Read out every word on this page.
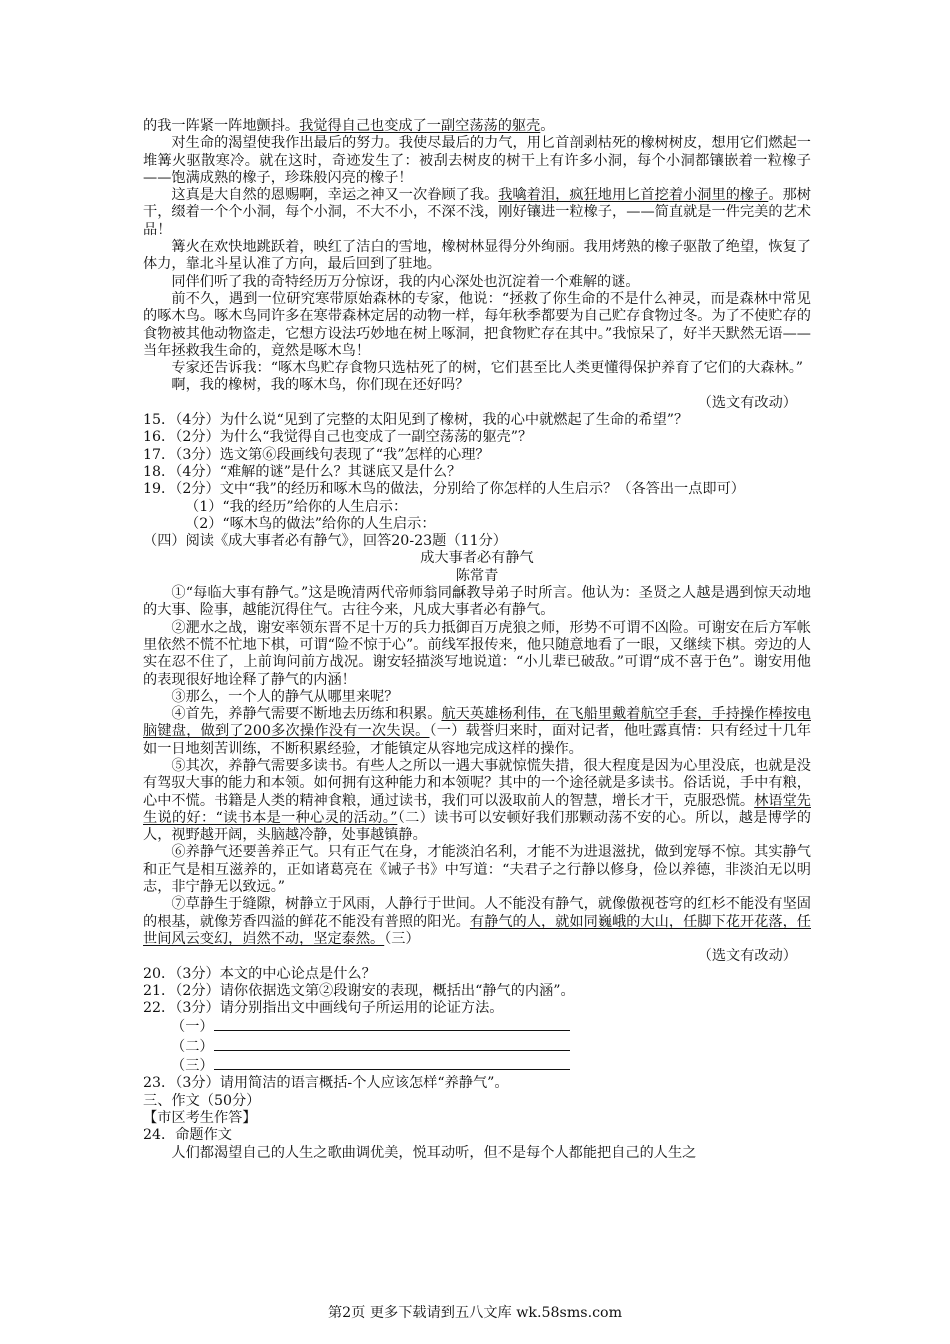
的我一阵紧一阵地颤抖。我觉得自己也变成了一副空荡荡的躯壳。

对生命的渴望使我作出最后的努力。我使尽最后的力气，用匕首剖剥枯死的橡树树皮，想用它们燃起一堆篝火驱散寒冷。就在这时，奇迹发生了：被刮去树皮的树干上有许多小洞，每个小洞都镶嵌着一粒橡子——饱满成熟的橡子，珍珠般闪亮的橡子！

这真是大自然的恩赐啊，幸运之神又一次眷顾了我。我噙着泪，疯狂地用匕首挖着小洞里的橡子。那树干，缀着一个个小洞，每个小洞，不大不小，不深不浅，刚好镶进一粒橡子，——简直就是一件完美的艺术品！

篝火在欢快地跳跃着，映红了洁白的雪地，橡树林显得分外绚丽。我用烤熟的橡子驱散了绝望，恢复了体力，靠北斗星认准了方向，最后回到了驻地。

同伴们听了我的奇特经历万分惊讶，我的内心深处也沉淀着一个难解的谜。

前不久，遇到一位研究寒带原始森林的专家，他说：“拯救了你生命的不是什么神灵，而是森林中常见的啄木鸟。啄木鸟同许多在寒带森林定居的动物一样，每年秋季都要为自己贮存食物过冬。为了不使贮存的食物被其他动物盗走，它想方设法巧妙地在树上啄洞，把食物贮存在其中。”我惊呆了，好半天默然无语——当年拯救我生命的，竟然是啄木鸟！

专家还告诉我：“啄木鸟贮存食物只选枯死了的树，它们甚至比人类更懂得保护养育了它们的大森林。”

啊，我的橡树，我的啄木鸟，你们现在还好吗？

（选文有改动）

15．（4分）为什么说“见到了完整的太阳见到了橡树，我的心中就燃起了生命的希望”？

16．（2分）为什么“我觉得自己也变成了一副空荡荡的躯壳”？

17．（3分）选文第⑥段画线句表现了“我”怎样的心理？

18．（4分）“难解的谜”是什么？其谜底又是什么？

19．（2分）文中“我”的经历和啄木鸟的做法，分别给了你怎样的人生启示？（各答出一点即可）

（1）“我的经历”给你的人生启示：

（2）“啄木鸟的做法”给你的人生启示：

（四）阅读《成大事者必有静气》，回答20-23题（11分）

成大事者必有静气

陈常青

①“每临大事有静气。”这是晚清两代帝师翁同龢教导弟子时所言。他认为：圣贤之人越是遇到惊天动地的大事、险事，越能沉得住气。古往今来，凡成大事者必有静气。

②淝水之战，谢安率领东晋不足十万的兵力抵御百万虎狼之师，形势不可谓不凶险。可谢安在后方军帐里依然不慌不忙地下棋，可谓“险不惊于心”。前线军报传来，他只随意地看了一眼，又继续下棋。旁边的人实在忍不住了，上前询问前方战况。谢安轻描淡写地说道：“小儿辈已破敌。”可谓“成不喜于色”。谢安用他的表现很好地诠释了静气的内涵！

③那么，一个人的静气从哪里来呢？

④首先，养静气需要不断地去历练和积累。航天英雄杨利伟，在飞船里戴着航空手套，手持操作棒按电脑键盘，做到了200多次操作没有一次失误。（一）载誉归来时，面对记者，他吐露真情：只有经过十几年如一日地刻苦训练，不断积累经验，才能镇定从容地完成这样的操作。

⑤其次，养静气需要多读书。有些人之所以一遇大事就惊慌失措，很大程度是因为心里没底，也就是没有驾驭大事的能力和本领。如何拥有这种能力和本领呢？其中的一个途径就是多读书。俗话说，手中有粮，心中不慌。书籍是人类的精神食粮，通过读书，我们可以汲取前人的智慧，增长才干，克服恐慌。林语堂先生说的好：“读书本是一种心灵的活动。”（二）读书可以安顿好我们那颗动荡不安的心。所以，越是博学的人，视野越开阔，头脑越冷静，处事越镇静。

⑥养静气还要善养正气。只有正气在身，才能淡泊名利，才能不为进退滋扰，做到宠辱不惊。其实静气和正气是相互滋养的，正如诸葛亮在《诫子书》中写道：“夫君子之行静以修身，俭以养德，非淡泊无以明志，非宁静无以致远。”

⑦草静生于缝隙，树静立于风雨，人静行于世间。人不能没有静气，就像傲视苍穹的红杉不能没有坚固的根基，就像芳香四溢的鲜花不能没有普照的阳光。有静气的人，就如同巍峨的大山，任脚下花开花落，任世间风云变幻，岿然不动，坚定泰然。（三）

（选文有改动）

20．（3分）本文的中心论点是什么？

21．（2分）请你依据选文第②段谢安的表现，概括出“静气的内涵”。

22．（3分）请分别指出文中画线句子所运用的论证方法。

（一）

（二）

（三）

23．（3分）请用简洁的语言概括-个人应该怎样“养静气”。

三、作文（50分）

【市区考生作答】

24．命题作文

人们都渴望自己的人生之歌曲调优美，悦耳动听，但不是每个人都能把自己的人生之

第2页 更多下载请到五八文库 wk.58sms.com
